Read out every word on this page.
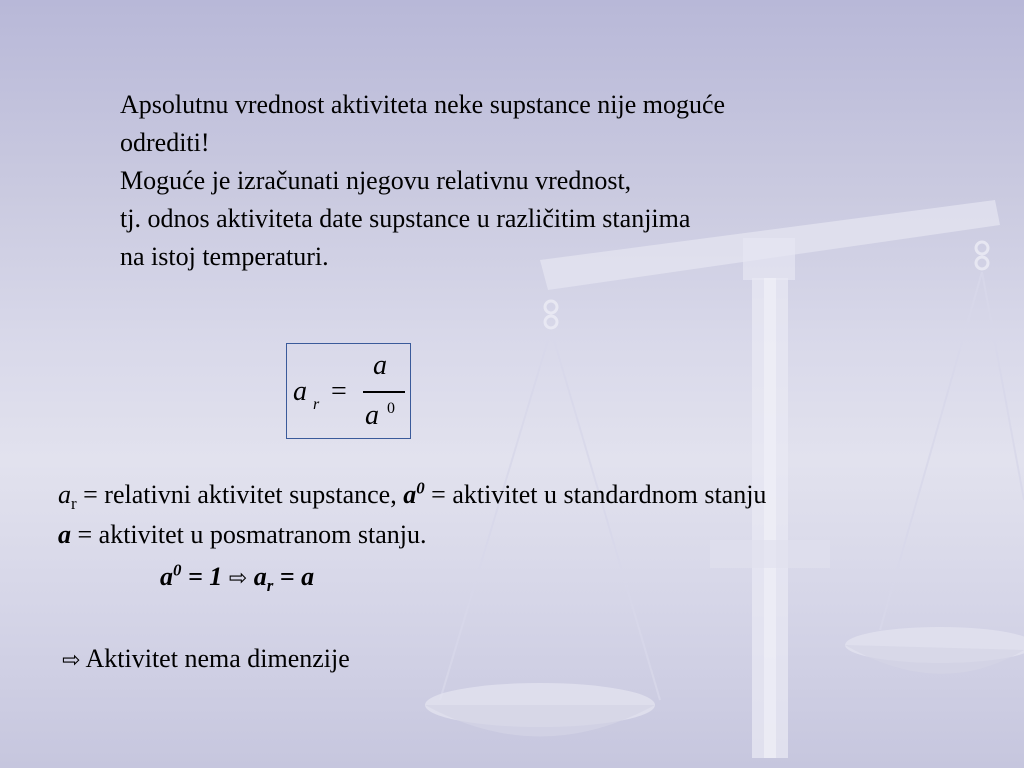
Apsolutnu vrednost aktiviteta neke supstance nije moguće
odrediti!
Moguće je izračunati njegovu relativnu vrednost,
tj. odnos aktiviteta date supstance u različitim stanjima
na istoj temperaturi.
a r =
a
a 0
$a_r$ = relativni aktivitet supstance, $a^0$ = aktivitet u standardnom stanju
a = aktivitet u posmatranom stanju.
$a^0 = 1$ ⇨ $a_r = a$
⇨ Aktivitet nema dimenzije
